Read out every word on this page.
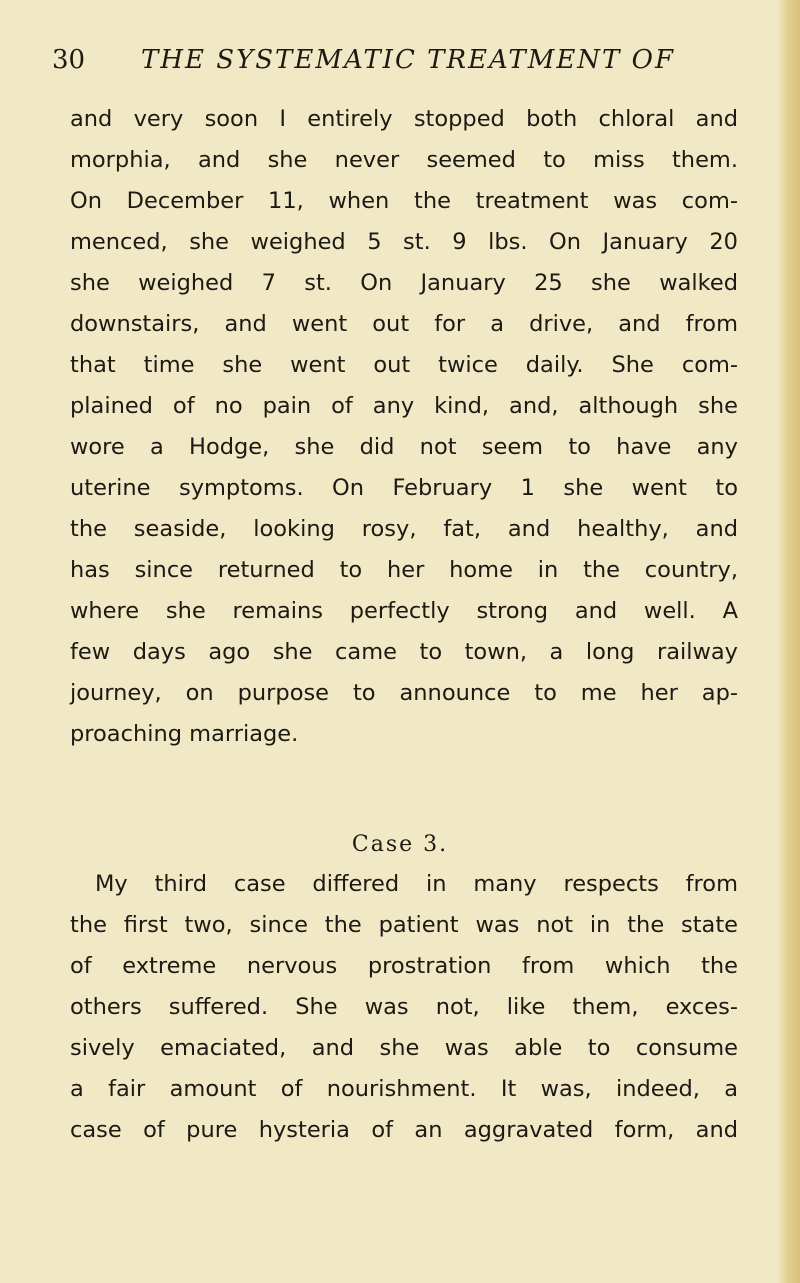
30 THE SYSTEMATIC TREATMENT OF
and very soon I entirely stopped both chloral and
morphia, and she never seemed to miss them.
On December 11, when the treatment was com-
menced, she weighed 5 st. 9 lbs. On January 20
she weighed 7 st. On January 25 she walked
downstairs, and went out for a drive, and from
that time she went out twice daily. She com-
plained of no pain of any kind, and, although she
wore a Hodge, she did not seem to have any
uterine symptoms. On February 1 she went to
the seaside, looking rosy, fat, and healthy, and
has since returned to her home in the country,
where she remains perfectly strong and well. A
few days ago she came to town, a long railway
journey, on purpose to announce to me her ap-
proaching marriage.
Case 3.
My third case differed in many respects from
the first two, since the patient was not in the state
of extreme nervous prostration from which the
others suffered. She was not, like them, exces-
sively emaciated, and she was able to consume
a fair amount of nourishment. It was, indeed, a
case of pure hysteria of an aggravated form, and
